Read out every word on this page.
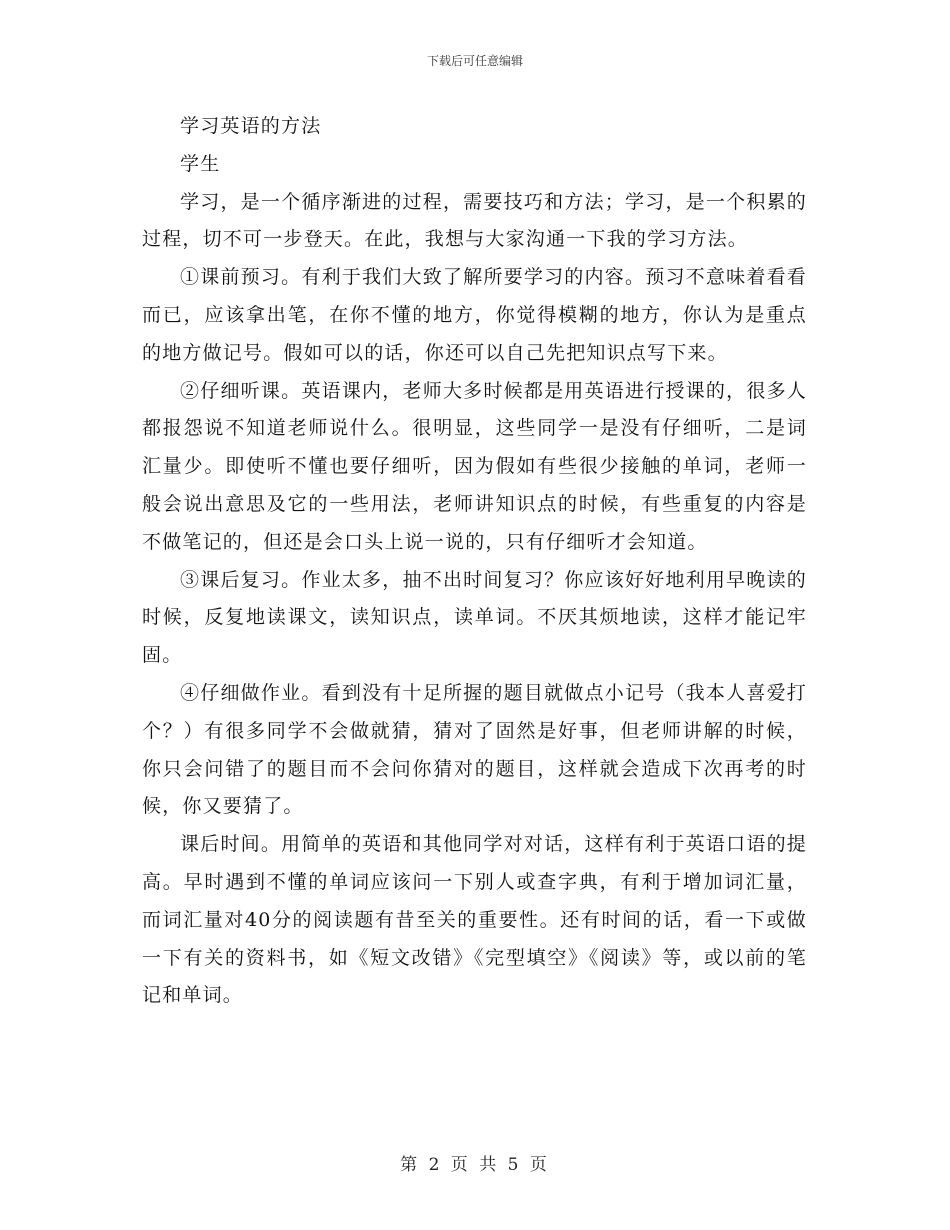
下载后可任意编辑

学习英语的方法

学生

学习，是一个循序渐进的过程，需要技巧和方法；学习，是一个积累的过程，切不可一步登天。在此，我想与大家沟通一下我的学习方法。

①课前预习。有利于我们大致了解所要学习的内容。预习不意味着看看而已，应该拿出笔，在你不懂的地方，你觉得模糊的地方，你认为是重点的地方做记号。假如可以的话，你还可以自己先把知识点写下来。

②仔细听课。英语课内，老师大多时候都是用英语进行授课的，很多人都报怨说不知道老师说什么。很明显，这些同学一是没有仔细听，二是词汇量少。即使听不懂也要仔细听，因为假如有些很少接触的单词，老师一般会说出意思及它的一些用法，老师讲知识点的时候，有些重复的内容是不做笔记的，但还是会口头上说一说的，只有仔细听才会知道。

③课后复习。作业太多，抽不出时间复习？你应该好好地利用早晚读的时候，反复地读课文，读知识点，读单词。不厌其烦地读，这样才能记牢固。

④仔细做作业。看到没有十足所握的题目就做点小记号（我本人喜爱打个？）有很多同学不会做就猜，猜对了固然是好事，但老师讲解的时候，你只会问错了的题目而不会问你猜对的题目，这样就会造成下次再考的时候，你又要猜了。

课后时间。用简单的英语和其他同学对对话，这样有利于英语口语的提高。早时遇到不懂的单词应该问一下别人或查字典，有利于增加词汇量，而词汇量对40分的阅读题有昔至关的重要性。还有时间的话，看一下或做一下有关的资料书，如《短文改错》《完型填空》《阅读》等，或以前的笔记和单词。

第 2 页 共 5 页
